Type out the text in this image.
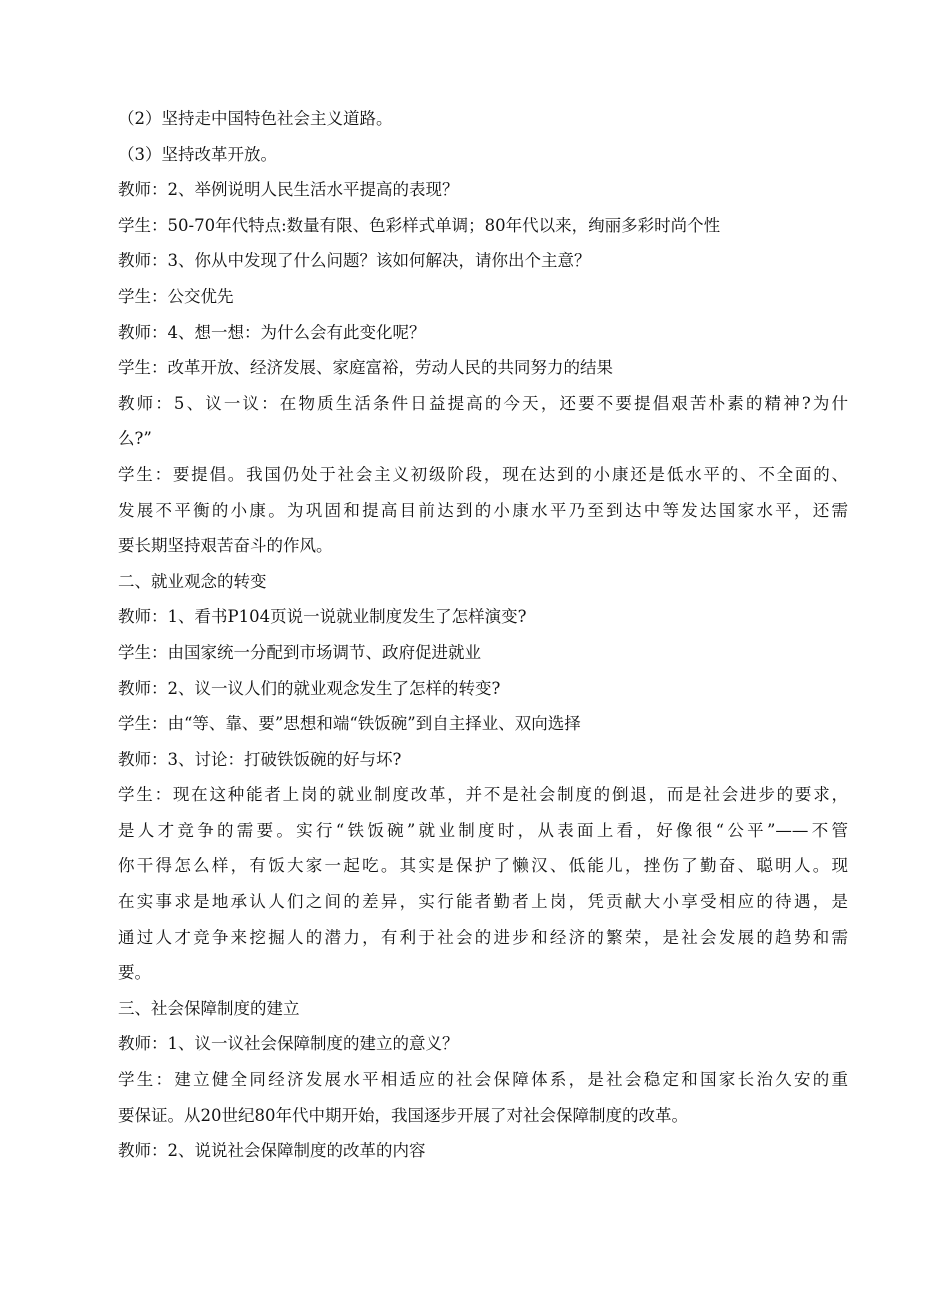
（2）坚持走中国特色社会主义道路。
（3）坚持改革开放。
教师：2、举例说明人民生活水平提高的表现？
学生：50-70年代特点:数量有限、色彩样式单调；80年代以来，绚丽多彩时尚个性
教师：3、你从中发现了什么问题？该如何解决，请你出个主意？
学生：公交优先
教师：4、想一想：为什么会有此变化呢？
学生：改革开放、经济发展、家庭富裕，劳动人民的共同努力的结果
教师：5、议一议：在物质生活条件日益提高的今天，还要不要提倡艰苦朴素的精神?为什
么?”
学生：要提倡。我国仍处于社会主义初级阶段，现在达到的小康还是低水平的、不全面的、
发展不平衡的小康。为巩固和提高目前达到的小康水平乃至到达中等发达国家水平，还需
要长期坚持艰苦奋斗的作风。
二、就业观念的转变
教师：1、看书P104页说一说就业制度发生了怎样演变?
学生：由国家统一分配到市场调节、政府促进就业
教师：2、议一议人们的就业观念发生了怎样的转变?
学生：由“等、靠、要”思想和端“铁饭碗”到自主择业、双向选择
教师：3、讨论：打破铁饭碗的好与坏?
学生：现在这种能者上岗的就业制度改革，并不是社会制度的倒退，而是社会进步的要求，
是人才竞争的需要。实行“铁饭碗”就业制度时，从表面上看，好像很“公平”——不管
你干得怎么样，有饭大家一起吃。其实是保护了懒汉、低能儿，挫伤了勤奋、聪明人。现
在实事求是地承认人们之间的差异，实行能者勤者上岗，凭贡献大小享受相应的待遇，是
通过人才竞争来挖掘人的潜力，有利于社会的进步和经济的繁荣，是社会发展的趋势和需
要。
三、社会保障制度的建立
教师：1、议一议社会保障制度的建立的意义？
学生：建立健全同经济发展水平相适应的社会保障体系，是社会稳定和国家长治久安的重
要保证。从20世纪80年代中期开始，我国逐步开展了对社会保障制度的改革。
教师：2、说说社会保障制度的改革的内容
